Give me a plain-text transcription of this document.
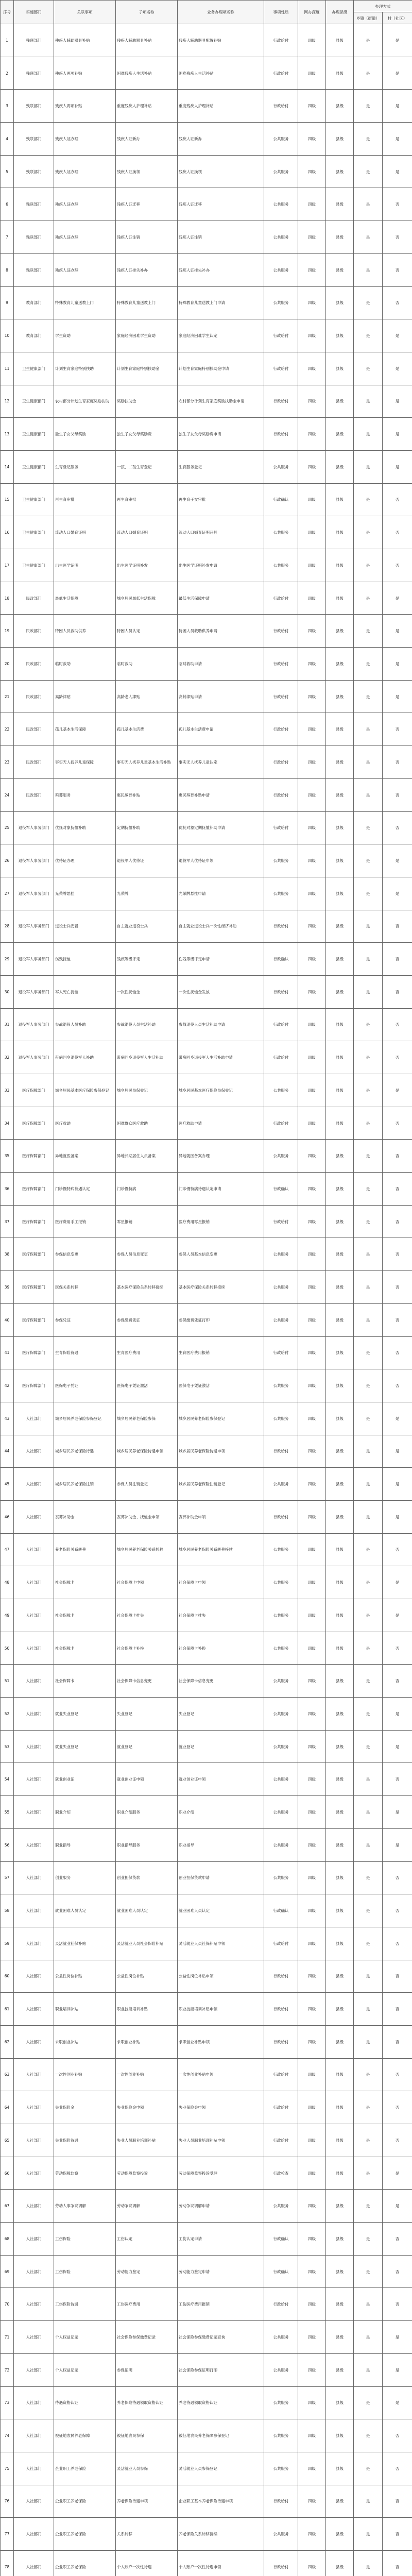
序号	实施部门	关联事项	子项名称	业务办理项名称	事项性质	网办深度	办理层级	办理方式	
								乡镇（街道）	村（社区）
1	残联部门	残疾人辅助器具补贴	残疾人辅助器具补贴	残疾人辅助器具配置补贴	行政给付	四级	县级	是	是
2	残联部门	残疾人两项补贴	困难残疾人生活补贴	困难残疾人生活补贴	行政给付	四级	县级	是	是
3	残联部门	残疾人两项补贴	重度残疾人护理补贴	重度残疾人护理补贴	行政给付	四级	县级	是	是
4	残联部门	残疾人证办理	残疾人证新办	残疾人证新办	公共服务	四级	县级	是	是
5	残联部门	残疾人证办理	残疾人证换领	残疾人证换领	公共服务	四级	县级	是	是
6	残联部门	残疾人证办理	残疾人证迁移	残疾人证迁移	公共服务	四级	县级	是	否
7	残联部门	残疾人证办理	残疾人证注销	残疾人证注销	公共服务	四级	县级	是	否
8	残联部门	残疾人证办理	残疾人证挂失补办	残疾人证挂失补办	公共服务	四级	县级	是	否
9	教育部门	特殊教育儿童送教上门	特殊教育儿童送教上门	特殊教育儿童送教上门申请	公共服务	四级	县级	是	否
10	教育部门	学生资助	家庭经济困难学生资助	家庭经济困难学生认定	行政给付	四级	县级	是	是
11	卫生健康部门	计划生育家庭特别扶助	计划生育家庭特别扶助金	计划生育家庭特别扶助金申请	行政给付	四级	县级	是	是
12	卫生健康部门	农村部分计划生育家庭奖励扶助	奖励扶助金	农村部分计划生育家庭奖励扶助金申请	行政给付	四级	县级	是	是
13	卫生健康部门	独生子女父母奖励	独生子女父母奖励费	独生子女父母奖励费申请	行政给付	四级	县级	是	是
14	卫生健康部门	生育登记服务	一孩、二孩生育登记	生育服务登记	公共服务	四级	县级	是	是
15	卫生健康部门	再生育审批	再生育审批	再生育子女审批	行政确认	四级	县级	是	否
16	卫生健康部门	流动人口婚育证明	流动人口婚育证明	流动人口婚育证明开具	公共服务	四级	县级	是	否
17	卫生健康部门	出生医学证明	出生医学证明补发	出生医学证明补发申请	公共服务	四级	县级	是	否
18	民政部门	最低生活保障	城乡居民最低生活保障	最低生活保障申请	行政给付	四级	县级	是	是
19	民政部门	特困人员救助供养	特困人员认定	特困人员救助供养申请	行政给付	四级	县级	是	是
20	民政部门	临时救助	临时救助	临时救助申请	行政给付	四级	县级	是	是
21	民政部门	高龄津贴	高龄老人津贴	高龄津贴申请	行政给付	四级	县级	是	是
22	民政部门	孤儿基本生活保障	孤儿基本生活费	孤儿基本生活费申请	行政给付	四级	县级	是	否
23	民政部门	事实无人抚养儿童保障	事实无人抚养儿童基本生活补贴	事实无人抚养儿童认定	行政给付	四级	县级	是	否
24	民政部门	殡葬服务	惠民殡葬补贴	惠民殡葬补贴申请	行政给付	四级	县级	是	否
25	退役军人事务部门	优抚对象抚恤补助	定期抚恤补助	优抚对象定期抚恤补助申请	行政给付	四级	县级	是	否
26	退役军人事务部门	优待证办理	退役军人优待证	退役军人优待证申领	公共服务	四级	县级	是	是
27	退役军人事务部门	光荣牌悬挂	光荣牌	光荣牌悬挂申请	公共服务	四级	县级	是	是
28	退役军人事务部门	退役士兵安置	自主就业退役士兵	自主就业退役士兵一次性经济补助	行政给付	四级	县级	是	否
29	退役军人事务部门	伤残抚恤	残疾等级评定	伤残等级评定申请	行政确认	四级	县级	是	否
30	退役军人事务部门	军人死亡抚恤	一次性抚恤金	一次性抚恤金发放	行政给付	四级	县级	是	否
31	退役军人事务部门	参战退役人员补助	参战退役人员生活补助	参战退役人员生活补助申请	行政给付	四级	县级	是	否
32	退役军人事务部门	带病回乡退役军人补助	带病回乡退役军人生活补助	带病回乡退役军人生活补助申请	行政给付	四级	县级	是	否
33	医疗保障部门	城乡居民基本医疗保险参保登记	城乡居民参保登记	城乡居民基本医疗保险参保登记	公共服务	四级	县级	是	是
34	医疗保障部门	医疗救助	困难群众医疗救助	医疗救助申请	行政给付	四级	县级	是	否
35	医疗保障部门	异地就医备案	异地长期居住人员备案	异地就医备案办理	公共服务	四级	县级	是	否
36	医疗保障部门	门诊慢特病待遇认定	门诊慢特病	门诊慢特病待遇认定申请	行政确认	四级	县级	是	否
37	医疗保障部门	医疗费用手工报销	零星报销	医疗费用零星报销	行政给付	四级	县级	是	否
38	医疗保障部门	参保信息变更	参保人员信息变更	参保人员基本信息变更	公共服务	四级	县级	是	否
39	医疗保障部门	医保关系转移	基本医疗保险关系转移接续	基本医疗保险关系转移接续	公共服务	四级	县级	是	否
40	医疗保障部门	参保凭证	参保缴费凭证	参保缴费凭证打印	公共服务	四级	县级	是	否
41	医疗保障部门	生育保险待遇	生育医疗费用	生育医疗费用报销	行政给付	四级	县级	是	否
42	医疗保障部门	医保电子凭证	医保电子凭证激活	医保电子凭证激活	公共服务	四级	县级	是	否
43	人社部门	城乡居民养老保险参保登记	城乡居民养老保险参保	城乡居民养老保险参保登记	公共服务	四级	县级	是	是
44	人社部门	城乡居民养老保险待遇	城乡居民养老保险待遇申领	城乡居民养老保险待遇申领	行政给付	四级	县级	是	是
45	人社部门	城乡居民养老保险注销	参保人员注销登记	城乡居民养老保险注销登记	公共服务	四级	县级	是	是
46	人社部门	丧葬补助金	丧葬补助金、抚恤金申领	丧葬补助金申领	行政给付	四级	县级	是	是
47	人社部门	养老保险关系转移	城乡居民养老保险关系转移	城乡居民养老保险关系转移接续	公共服务	四级	县级	是	否
48	人社部门	社会保障卡	社会保障卡申领	社会保障卡申领	公共服务	四级	县级	是	是
49	人社部门	社会保障卡	社会保障卡挂失	社会保障卡挂失	公共服务	四级	县级	是	是
50	人社部门	社会保障卡	社会保障卡补换	社会保障卡补换	公共服务	四级	县级	是	否
51	人社部门	社会保障卡	社会保障卡信息变更	社会保障卡信息变更	公共服务	四级	县级	是	否
52	人社部门	就业失业登记	失业登记	失业登记	公共服务	四级	县级	是	是
53	人社部门	就业失业登记	就业登记	就业登记	公共服务	四级	县级	是	是
54	人社部门	就业创业证	就业创业证申领	就业创业证申领	公共服务	四级	县级	是	否
55	人社部门	职业介绍	职业介绍服务	职业介绍	公共服务	四级	县级	是	是
56	人社部门	职业指导	职业指导服务	职业指导	公共服务	四级	县级	是	是
57	人社部门	创业服务	创业担保贷款	创业担保贷款申请	公共服务	四级	县级	是	否
58	人社部门	就业困难人员认定	就业困难人员认定	就业困难人员认定	行政确认	四级	县级	是	否
59	人社部门	灵活就业社保补贴	灵活就业人员社会保险补贴	灵活就业人员社保补贴申领	行政给付	四级	县级	是	否
60	人社部门	公益性岗位补贴	公益性岗位补贴	公益性岗位补贴申领	行政给付	四级	县级	是	否
61	人社部门	职业培训补贴	职业技能培训补贴	职业技能培训补贴申领	行政给付	四级	县级	是	否
62	人社部门	求职创业补贴	求职创业补贴	求职创业补贴申领	行政给付	四级	县级	是	否
63	人社部门	一次性创业补贴	一次性创业补贴	一次性创业补贴申领	行政给付	四级	县级	是	否
64	人社部门	失业保险金	失业保险金申领	失业保险金申领	行政给付	四级	县级	是	否
65	人社部门	失业保险待遇	失业人员职业培训补贴	失业人员职业培训补贴申领	行政给付	四级	县级	是	否
66	人社部门	劳动保障监察	劳动保障监察投诉	劳动保障监察投诉受理	行政检查	四级	县级	是	是
67	人社部门	劳动人事争议调解	劳动争议调解	劳动争议调解申请	公共服务	四级	县级	是	是
68	人社部门	工伤保险	工伤认定	工伤认定申请	行政确认	四级	县级	是	否
69	人社部门	工伤保险	劳动能力鉴定	劳动能力鉴定申请	行政确认	四级	县级	是	否
70	人社部门	工伤保险待遇	工伤医疗费用	工伤医疗费用报销	行政给付	四级	县级	是	否
71	人社部门	个人权益记录	社会保险参保缴费记录	社会保险参保缴费记录查询	公共服务	四级	县级	是	是
72	人社部门	个人权益记录	参保证明	社会保险参保证明打印	公共服务	四级	县级	是	是
73	人社部门	待遇资格认证	养老保险待遇领取资格认证	养老待遇领取资格认证	公共服务	四级	县级	是	是
74	人社部门	被征地农民养老保障	被征地农民参保	被征地农民养老保障参保登记	公共服务	四级	县级	是	否
75	人社部门	企业职工养老保险	灵活就业人员参保	灵活就业人员参保登记	公共服务	四级	县级	是	否
76	人社部门	企业职工养老保险	养老保险待遇申领	企业职工基本养老保险待遇申领	行政给付	四级	县级	是	否
77	人社部门	企业职工养老保险	关系转移	养老保险关系转移接续	公共服务	四级	县级	是	否
78	人社部门	企业职工养老保险	个人账户一次性待遇	个人账户一次性待遇申领	行政给付	四级	县级	是	否
